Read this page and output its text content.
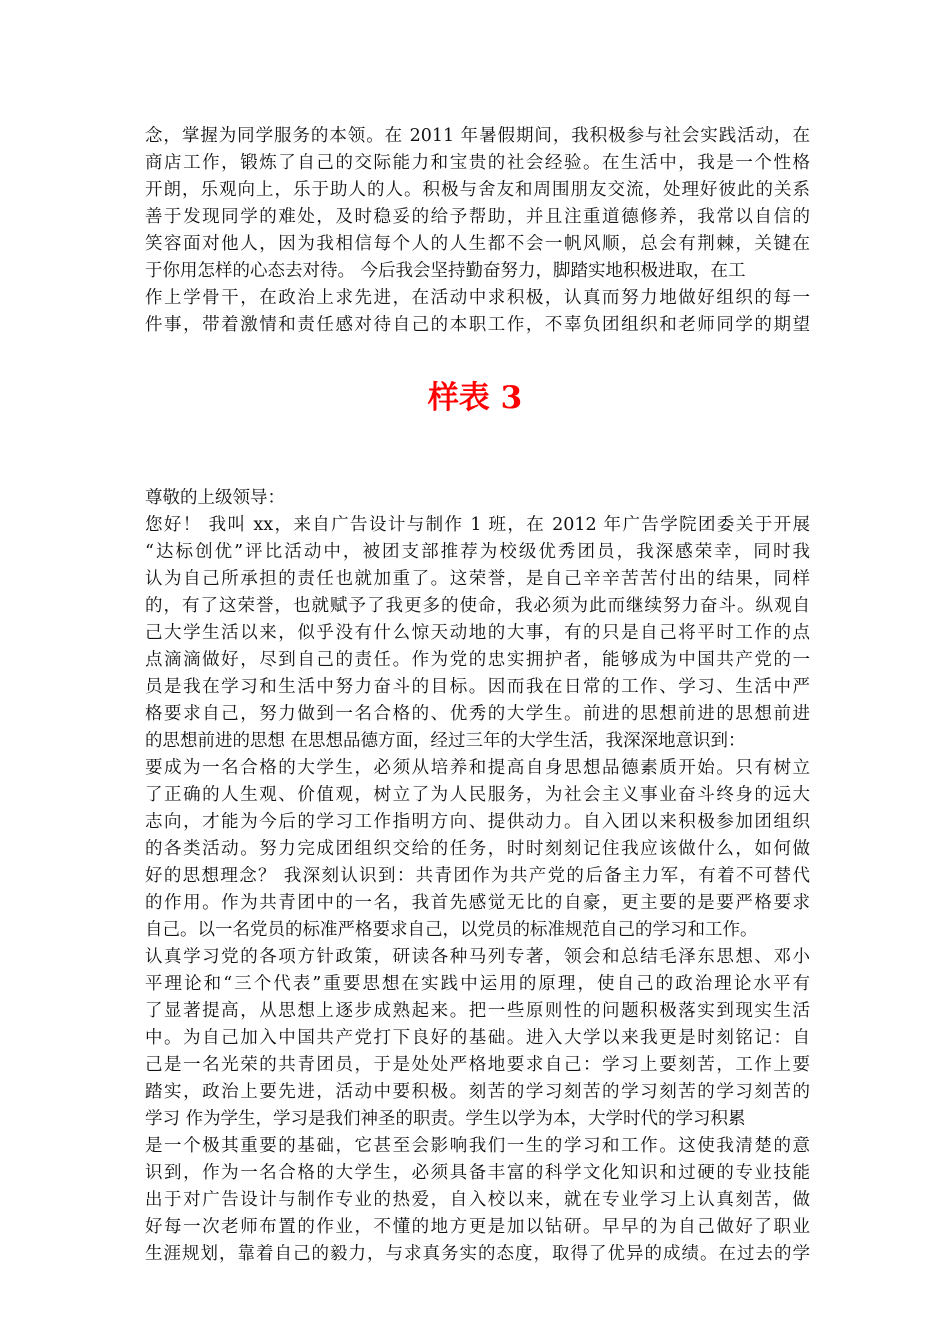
念，掌握为同学服务的本领。在 2011 年暑假期间，我积极参与社会实践活动，在
商店工作，锻炼了自己的交际能力和宝贵的社会经验。在生活中，我是一个性格
开朗，乐观向上，乐于助人的人。积极与舍友和周围朋友交流，处理好彼此的关系
善于发现同学的难处，及时稳妥的给予帮助，并且注重道德修养，我常以自信的
笑容面对他人，因为我相信每个人的人生都不会一帆风顺，总会有荆棘，关键在
于你用怎样的心态去对待。 今后我会坚持勤奋努力，脚踏实地积极进取，在工
作上学骨干，在政治上求先进，在活动中求积极，认真而努力地做好组织的每一
件事，带着激情和责任感对待自己的本职工作，不辜负团组织和老师同学的期望
样表 3
尊敬的上级领导：
您好！ 我叫 xx，来自广告设计与制作 1 班，在 2012 年广告学院团委关于开展
“达标创优”评比活动中，被团支部推荐为校级优秀团员，我深感荣幸，同时我
认为自己所承担的责任也就加重了。这荣誉，是自己辛辛苦苦付出的结果，同样
的，有了这荣誉，也就赋予了我更多的使命，我必须为此而继续努力奋斗。纵观自
己大学生活以来，似乎没有什么惊天动地的大事，有的只是自己将平时工作的点
点滴滴做好，尽到自己的责任。作为党的忠实拥护者，能够成为中国共产党的一
员是我在学习和生活中努力奋斗的目标。因而我在日常的工作、学习、生活中严
格要求自己，努力做到一名合格的、优秀的大学生。前进的思想前进的思想前进
的思想前进的思想 在思想品德方面，经过三年的大学生活，我深深地意识到：
要成为一名合格的大学生，必须从培养和提高自身思想品德素质开始。只有树立
了正确的人生观、价值观，树立了为人民服务，为社会主义事业奋斗终身的远大
志向，才能为今后的学习工作指明方向、提供动力。自入团以来积极参加团组织
的各类活动。努力完成团组织交给的任务，时时刻刻记住我应该做什么，如何做
好的思想理念？ 我深刻认识到：共青团作为共产党的后备主力军，有着不可替代
的作用。作为共青团中的一名，我首先感觉无比的自豪，更主要的是要严格要求
自己。以一名党员的标准严格要求自己，以党员的标准规范自己的学习和工作。
认真学习党的各项方针政策，研读各种马列专著，领会和总结毛泽东思想、邓小
平理论和“三个代表”重要思想在实践中运用的原理，使自己的政治理论水平有
了显著提高，从思想上逐步成熟起来。把一些原则性的问题积极落实到现实生活
中。为自己加入中国共产党打下良好的基础。进入大学以来我更是时刻铭记：自
己是一名光荣的共青团员，于是处处严格地要求自己：学习上要刻苦，工作上要
踏实，政治上要先进，活动中要积极。刻苦的学习刻苦的学习刻苦的学习刻苦的
学习 作为学生，学习是我们神圣的职责。学生以学为本，大学时代的学习积累
是一个极其重要的基础，它甚至会影响我们一生的学习和工作。这使我清楚的意
识到，作为一名合格的大学生，必须具备丰富的科学文化知识和过硬的专业技能
出于对广告设计与制作专业的热爱，自入校以来，就在专业学习上认真刻苦，做
好每一次老师布置的作业，不懂的地方更是加以钻研。早早的为自己做好了职业
生涯规划，靠着自己的毅力，与求真务实的态度，取得了优异的成绩。在过去的学
